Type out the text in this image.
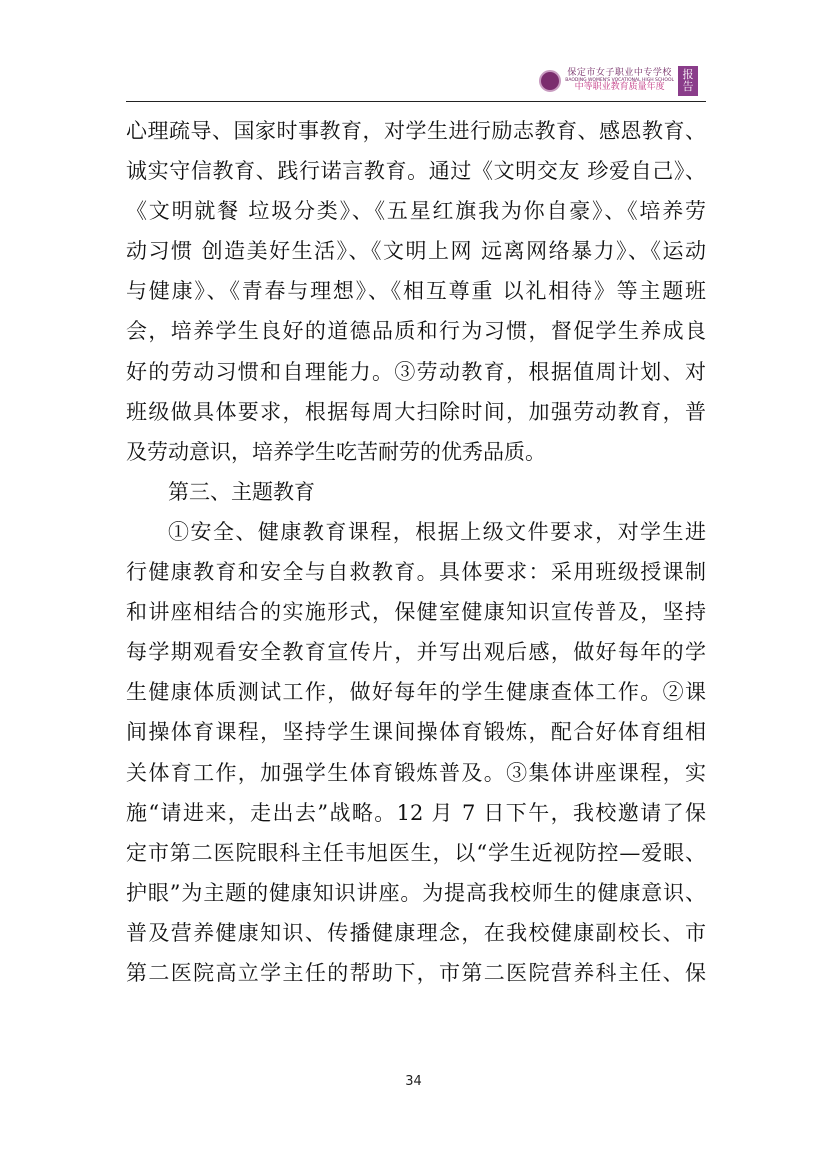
保定市女子职业中专学校
BAODING WOMEN'S VOCATIONAL HIGH SCHOOL
中等职业教育质量年度
报
告
心理疏导、国家时事教育，对学生进行励志教育、感恩教育、
诚实守信教育、践行诺言教育。通过《文明交友 珍爱自己》、
《文明就餐 垃圾分类》、《五星红旗我为你自豪》、《培养劳
动习惯 创造美好生活》、《文明上网 远离网络暴力》、《运动
与健康》、《青春与理想》、《相互尊重 以礼相待》等主题班
会，培养学生良好的道德品质和行为习惯，督促学生养成良
好的劳动习惯和自理能力。③劳动教育，根据值周计划、对
班级做具体要求，根据每周大扫除时间，加强劳动教育，普
及劳动意识，培养学生吃苦耐劳的优秀品质。
第三、主题教育
①安全、健康教育课程，根据上级文件要求，对学生进
行健康教育和安全与自救教育。具体要求：采用班级授课制
和讲座相结合的实施形式，保健室健康知识宣传普及，坚持
每学期观看安全教育宣传片，并写出观后感，做好每年的学
生健康体质测试工作，做好每年的学生健康查体工作。②课
间操体育课程，坚持学生课间操体育锻炼，配合好体育组相
关体育工作，加强学生体育锻炼普及。③集体讲座课程，实
施“请进来，走出去”战略。12 月 7 日下午，我校邀请了保
定市第二医院眼科主任韦旭医生，以“学生近视防控—爱眼、
护眼”为主题的健康知识讲座。为提高我校师生的健康意识、
普及营养健康知识、传播健康理念，在我校健康副校长、市
第二医院高立学主任的帮助下，市第二医院营养科主任、保
34
